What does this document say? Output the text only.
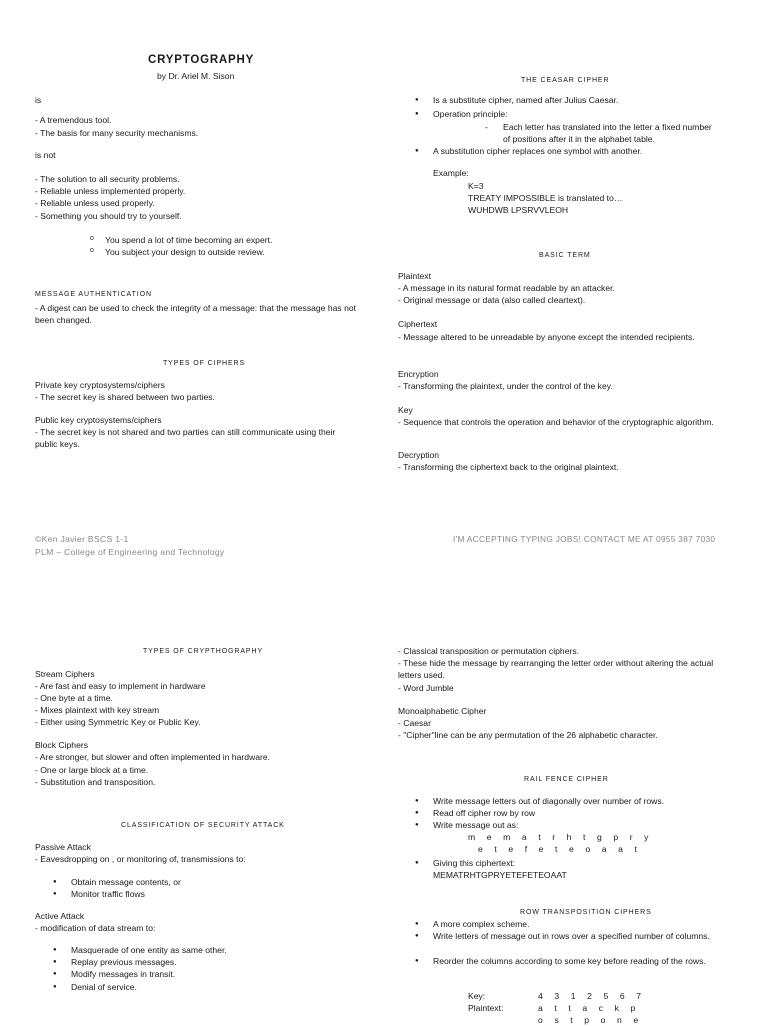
CRYPTOGRAPHY
by Dr. Ariel M. Sison
is
- A tremendous tool.
- The basis for many security mechanisms.
is not
- The solution to all security problems.
- Reliable unless implemented properly.
- Reliable unless used properly.
- Something you should try to yourself.
o You spend a lot of time becoming an expert.
o You subject your design to outside review.
MESSAGE AUTHENTICATION
- A digest can be used to check the integrity of a message: that the message has not been changed.
TYPES OF CIPHERS
Private key cryptosystems/ciphers
- The secret key is shared between two parties.
Public key cryptosystems/ciphers
- The secret key is not shared and two parties can still communicate using their public keys.
THE CEASAR CIPHER
● Is a substitute cipher, named after Julius Caesar.
● Operation principle:
- Each letter has translated into the letter a fixed number of positions after it in the alphabet table.
● A substitution cipher replaces one symbol with another.
Example:
K=3
TREATY IMPOSSIBLE is translated to…
WUHDWB LPSRVVLEOH
BASIC TERM
Plaintext
- A message in its natural format readable by an attacker.
- Original message or data (also called cleartext).
Ciphertext
- Message altered to be unreadable by anyone except the intended recipients.
Encryption
- Transforming the plaintext, under the control of the key.
Key
- Sequence that controls the operation and behavior of the cryptographic algorithm.
Decryption
- Transforming the ciphertext back to the original plaintext.
©Ken Javier BSCS 1-1
PLM – College of Engineering and Technology
I'M ACCEPTING TYPING JOBS! CONTACT ME AT 0955 387 7030
TYPES OF CRYPTHOGRAPHY
Stream Ciphers
- Are fast and easy to implement in hardware
- One byte at a time.
- Mixes plaintext with key stream
- Either using Symmetric Key or Public Key.
Block Ciphers
- Are stronger, but slower and often implemented in hardware.
- One or large block at a time.
- Substitution and transposition.
CLASSIFICATION OF SECURITY ATTACK
Passive Attack
- Eavesdropping on , or monitoring of, transmissions to:
● Obtain message contents, or
● Monitor traffic flows
Active Attack
- modification of data stream to:
● Masquerade of one entity as same other.
● Replay previous messages.
● Modify messages in transit.
● Denial of service.
- Classical transposition or permutation ciphers.
- These hide the message by rearranging the letter order without altering the actual letters used.
- Word Jumble
Monoalphabetic Cipher
- Caesar
- "Cipher"line can be any permutation of the 26 alphabetic character.
RAIL FENCE CIPHER
● Write message letters out of diagonally over number of rows.
● Read off cipher row by row
● Write message out as:
m e m a t r h t g p r y
e t e f e t e o a a t
● Giving this ciphertext:
MEMATRHTGPRYETEFETEOAAT
ROW TRANSPOSITION CIPHERS
● A more complex scheme.
● Write letters of message out in rows over a specified number of columns.
● Reorder the columns according to some key before reading of the rows.
Key:	4 3 1 2 5 6 7
Plaintext:	a t t a c k p
o s t p o n e
